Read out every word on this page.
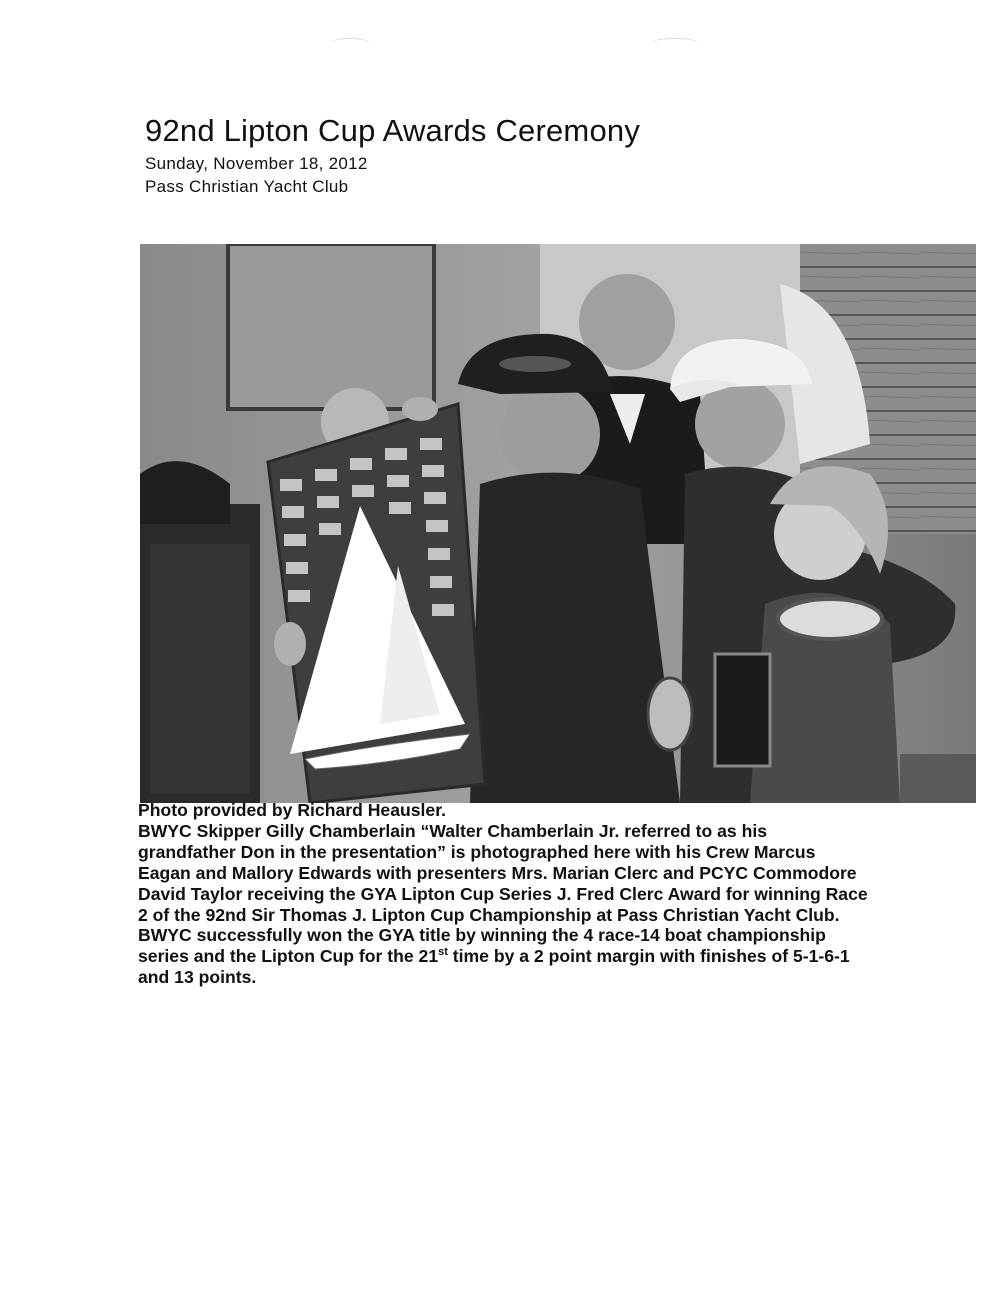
92nd Lipton Cup Awards Ceremony
Sunday, November 18, 2012
Pass Christian Yacht Club

Photo provided by Richard Heausler.

BWYC Skipper Gilly Chamberlain “Walter Chamberlain Jr. referred to as his grandfather Don in the presentation” is photographed here with his Crew Marcus Eagan and Mallory Edwards with presenters Mrs. Marian Clerc and PCYC Commodore David Taylor receiving the GYA Lipton Cup Series J. Fred Clerc Award for winning Race 2 of the 92nd Sir Thomas J. Lipton Cup Championship at Pass Christian Yacht Club. BWYC successfully won the GYA title by winning the 4 race-14 boat championship series and the Lipton Cup for the 21st time by a 2 point margin with finishes of 5-1-6-1 and 13 points.
